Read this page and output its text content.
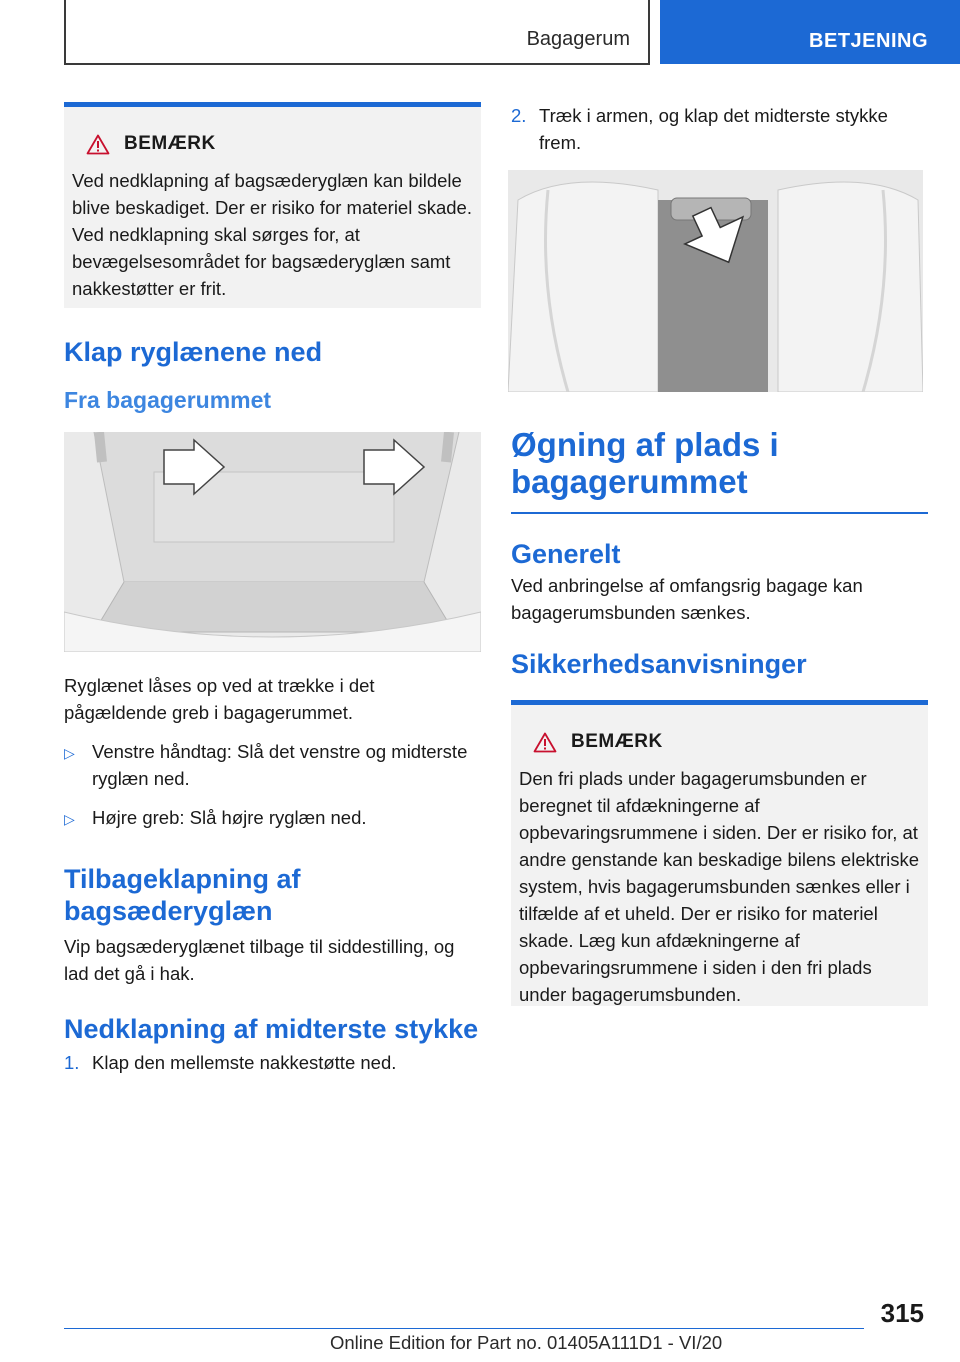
Bagagerum	BETJENING
BEMÆRK

Ved nedklapning af bagsæderyglæn kan bildele blive beskadiget. Der er risiko for materiel skade. Ved nedklapning skal sørges for, at bevægelsesområdet for bagsæderyglæn samt nakkestøtter er frit.

Klap ryglænene ned
Fra bagagerummet

Ryglænet låses op ved at trække i det pågældende greb i bagagerummet.

▷ Venstre håndtag: Slå det venstre og midterste ryglæn ned.
▷ Højre greb: Slå højre ryglæn ned.
Tilbageklapning af bagsæderyglæn

Vip bagsæderyglænet tilbage til siddestilling, og lad det gå i hak.

Nedklapning af midterste stykke
1. Klap den mellemste nakkestøtte ned.
2. Træk i armen, og klap det midterste stykke frem.
Øgning af plads i bagagerummet
Generelt

Ved anbringelse af omfangsrig bagage kan bagagerumsbunden sænkes.

Sikkerhedsanvisninger
BEMÆRK

Den fri plads under bagagerumsbunden er beregnet til afdækningerne af opbevaringsrummene i siden. Der er risiko for, at andre genstande kan beskadige bilens elektriske system, hvis bagagerumsbunden sænkes eller i tilfælde af et uheld. Der er risiko for materiel skade. Læg kun afdækningerne af opbevaringsrummene i siden i den fri plads under bagagerumsbunden.

315
Online Edition for Part no. 01405A111D1 - VI/20
